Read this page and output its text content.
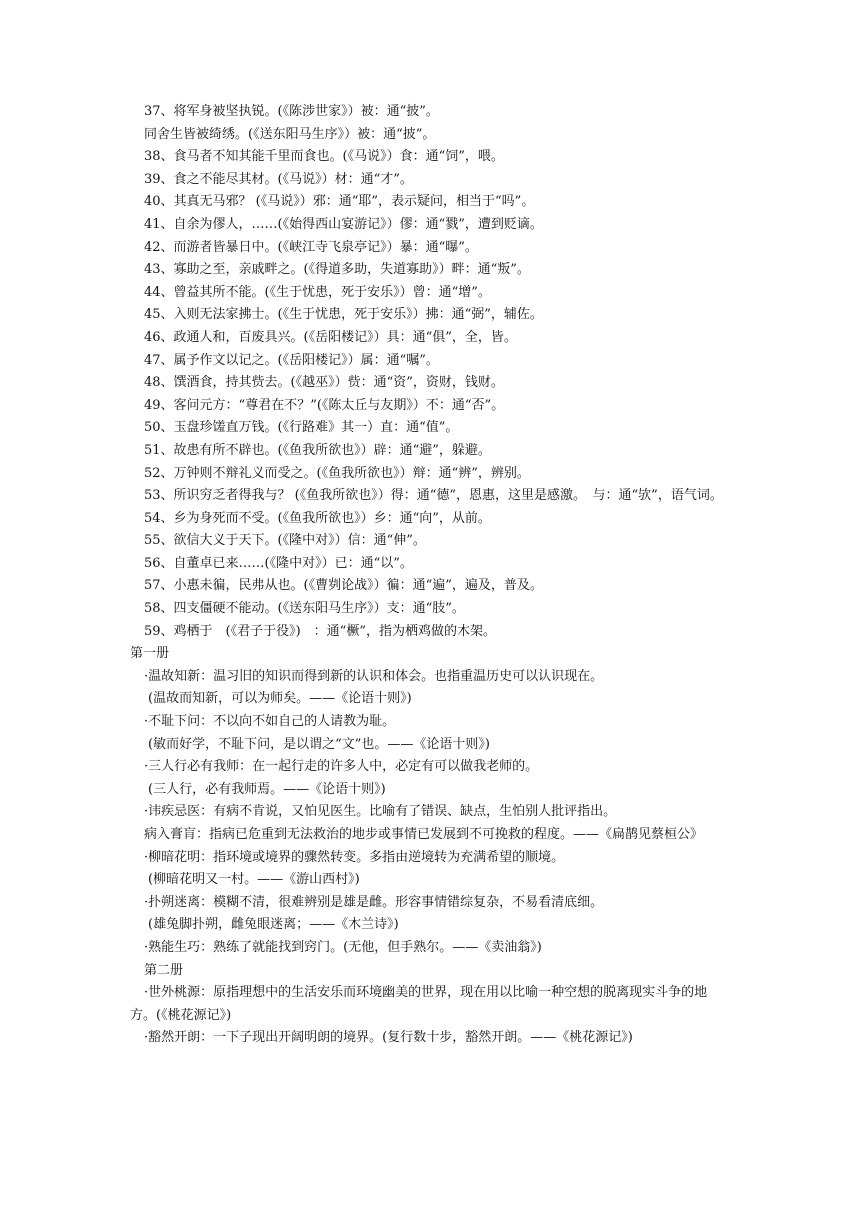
37、将军身被坚执锐。(《陈涉世家》）被：通“披”。
同舍生皆被绮绣。(《送东阳马生序》）被：通“披”。
38、食马者不知其能千里而食也。(《马说》）食：通“饲”，喂。
39、食之不能尽其材。(《马说》）材：通“才”。
40、其真无马邪？ (《马说》）邪：通“耶”，表示疑问，相当于“吗”。
41、自余为僇人，……(《始得西山宴游记》）僇：通“戮”，遭到贬谪。
42、而游者皆暴日中。(《峡江寺飞泉亭记》）暴：通“曝”。
43、寡助之至，亲戚畔之。(《得道多助，失道寡助》）畔：通“叛”。
44、曾益其所不能。(《生于忧患，死于安乐》）曾：通“增”。
45、入则无法家拂士。(《生于忧患，死于安乐》）拂：通“弼”，辅佐。
46、政通人和，百废具兴。(《岳阳楼记》）具：通“俱”，全，皆。
47、属予作文以记之。(《岳阳楼记》）属：通“嘱”。
48、馔酒食，持其赀去。(《越巫》）赀：通“资”，资财，钱财。
49、客问元方：“尊君在不？”(《陈太丘与友期》）不：通“否”。
50、玉盘珍馐直万钱。(《行路难》其一）直：通“值”。
51、故患有所不辟也。(《鱼我所欲也》）辟：通“避”，躲避。
52、万钟则不辩礼义而受之。(《鱼我所欲也》）辩：通“辨”，辨别。
53、所识穷乏者得我与？ (《鱼我所欲也》）得：通“德”，恩惠，这里是感激。　与：通“欤”，语气词。
54、乡为身死而不受。(《鱼我所欲也》）乡：通“向”，从前。
55、欲信大义于天下。(《隆中对》）信：通“伸”。
56、自董卓已来……(《隆中对》）已：通“以”。
57、小惠未徧，民弗从也。(《曹刿论战》）徧：通“遍”，遍及，普及。
58、四支僵硬不能动。(《送东阳马生序》）支：通“肢”。
59、鸡栖于　(《君子于役》)　：通“橛”，指为栖鸡做的木架。
第一册
·温故知新：温习旧的知识而得到新的认识和体会。也指重温历史可以认识现在。
(温故而知新，可以为师矣。——《论语十则》)
·不耻下问：不以向不如自己的人请教为耻。
(敏而好学，不耻下问，是以谓之“文”也。——《论语十则》)
·三人行必有我师：在一起行走的许多人中，必定有可以做我老师的。
(三人行，必有我师焉。——《论语十则》)
·讳疾忌医：有病不肯说，又怕见医生。比喻有了错误、缺点，生怕别人批评指出。
病入膏肓：指病已危重到无法救治的地步或事情已发展到不可挽救的程度。——《扁鹊见蔡桓公》
·柳暗花明：指环境或境界的骤然转变。多指由逆境转为充满希望的顺境。
(柳暗花明又一村。——《游山西村》)
·扑朔迷离：模糊不清，很难辨别是雄是雌。形容事情错综复杂，不易看清底细。
(雄兔脚扑朔，雌兔眼迷离；——《木兰诗》)
·熟能生巧：熟练了就能找到窍门。(无他，但手熟尔。——《卖油翁》)
第二册
·世外桃源：原指理想中的生活安乐而环境幽美的世界，现在用以比喻一种空想的脱离现实斗争的地方。(《桃花源记》)
·豁然开朗：一下子现出开阔明朗的境界。(复行数十步，豁然开朗。——《桃花源记》)
